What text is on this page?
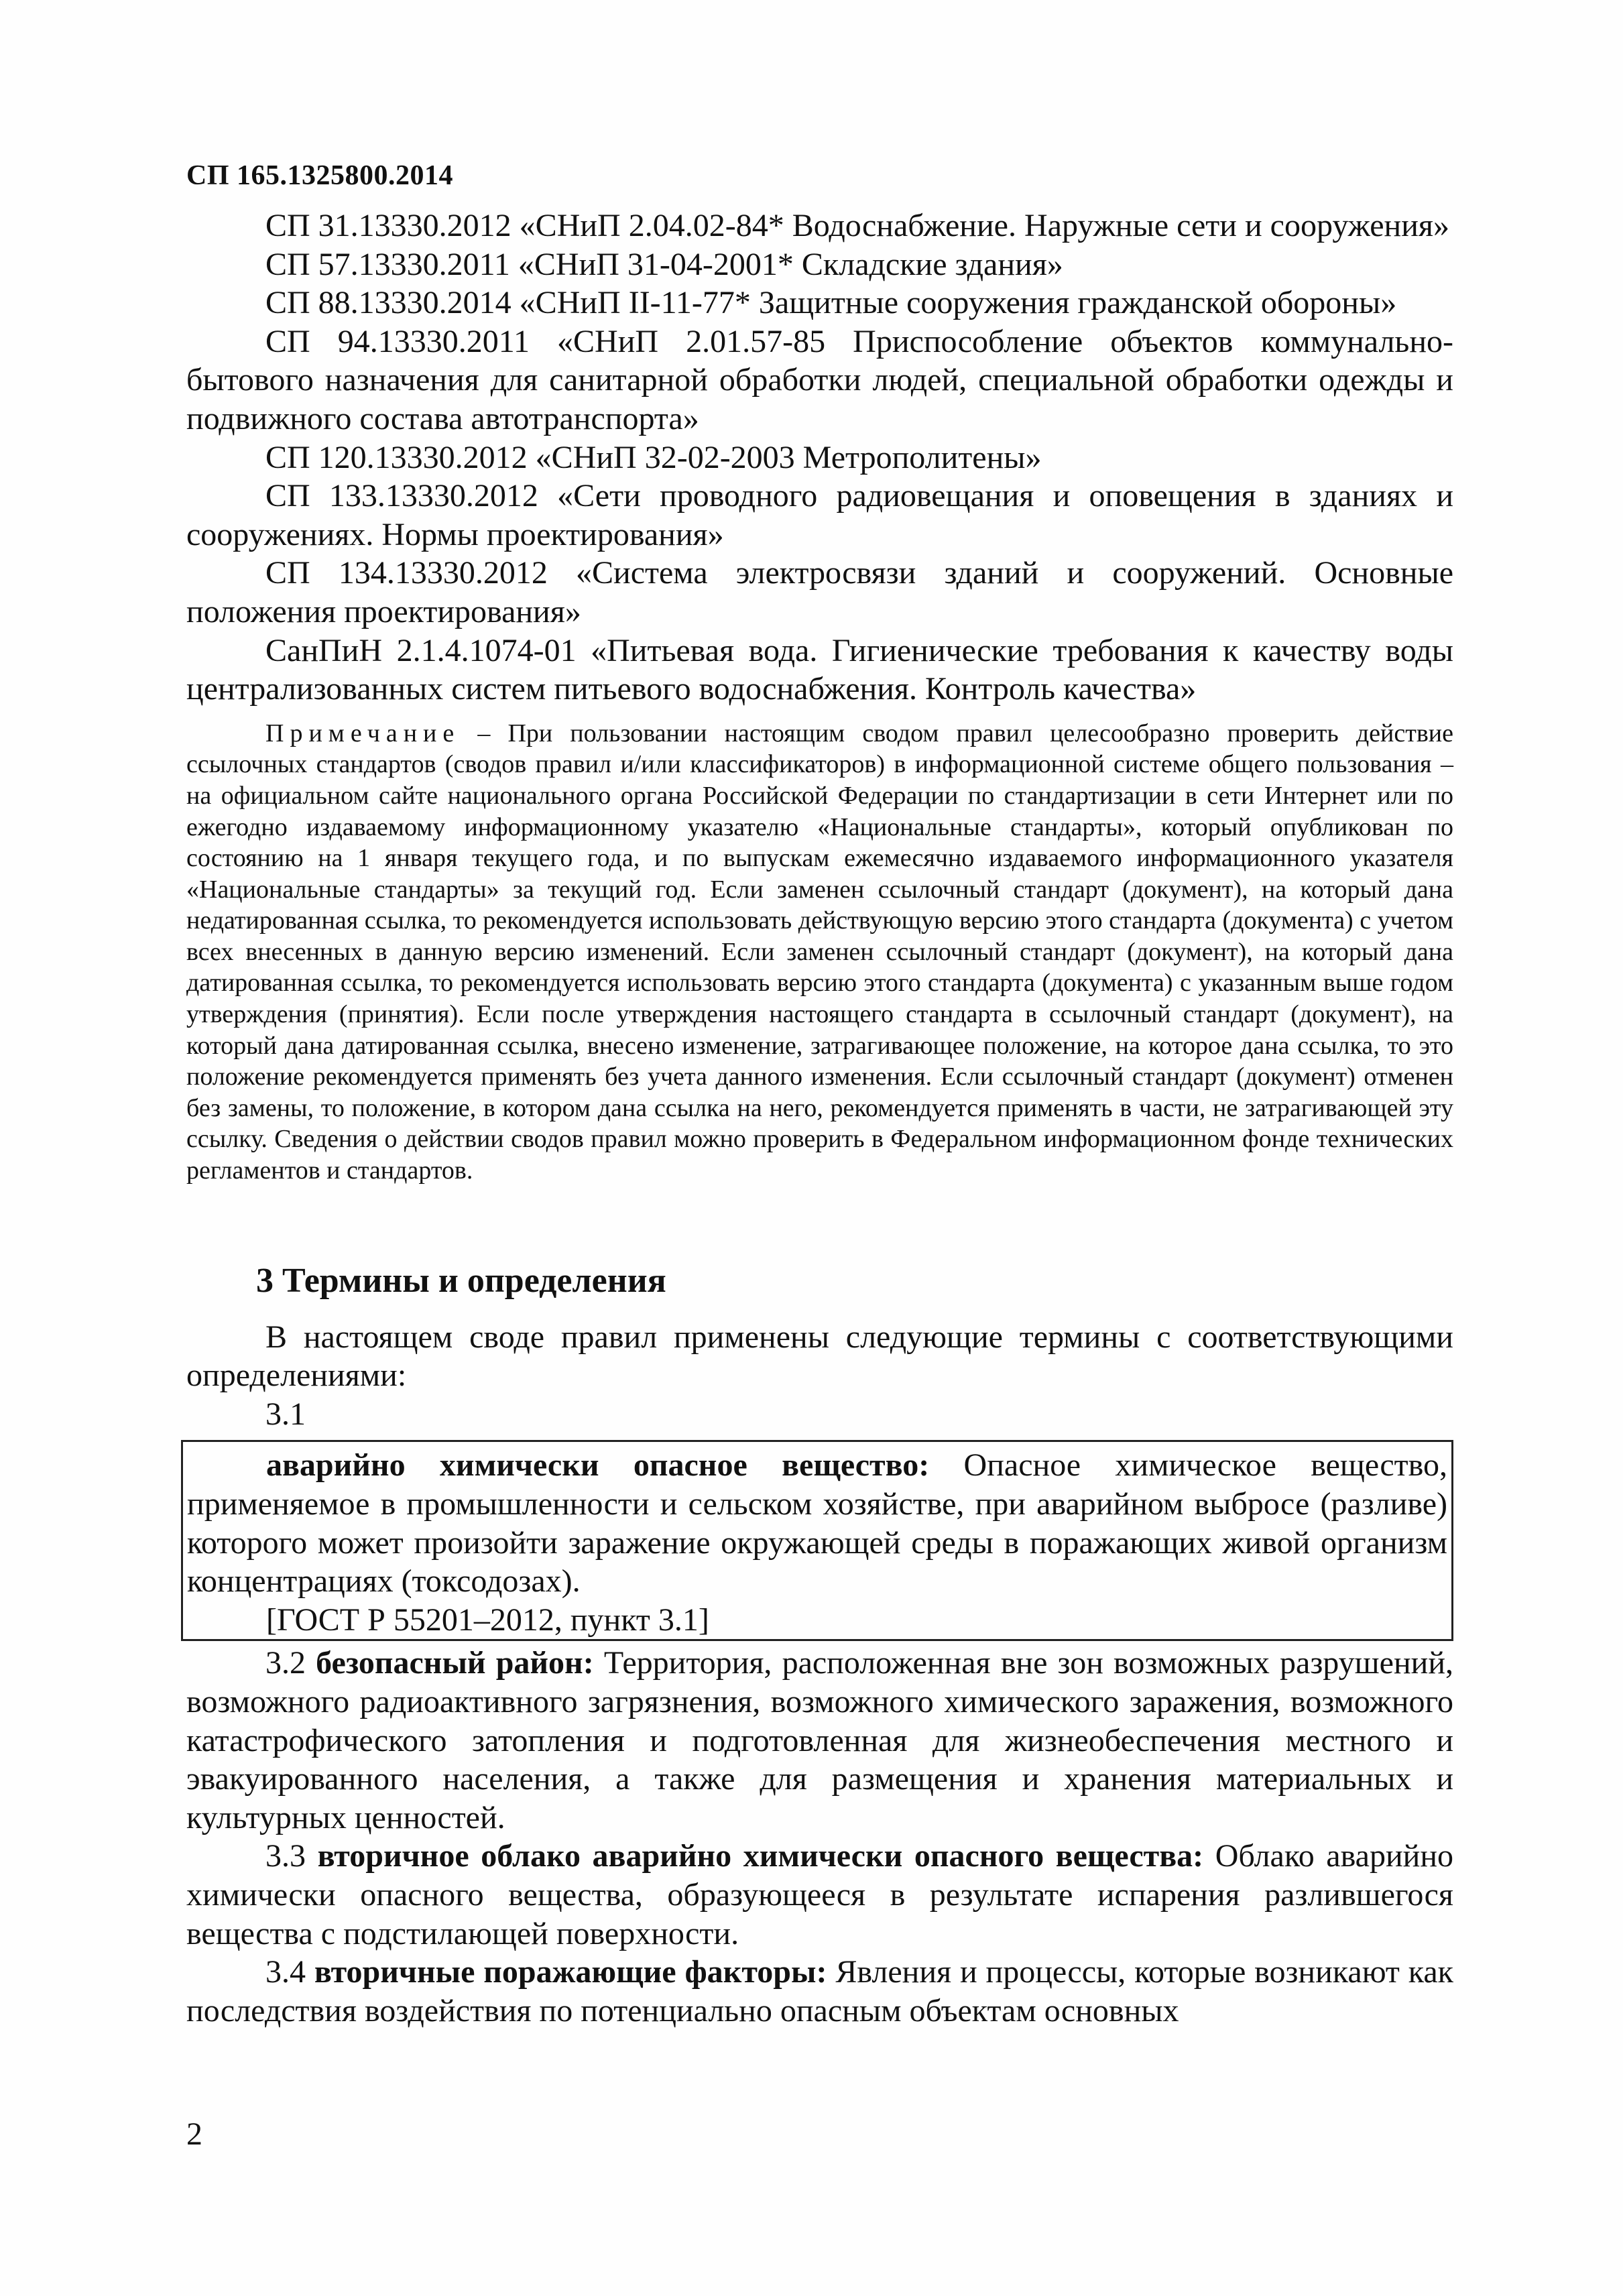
СП 165.1325800.2014

СП 31.13330.2012 «СНиП 2.04.02-84* Водоснабжение. Наружные сети и сооружения»

СП 57.13330.2011 «СНиП 31-04-2001* Складские здания»

СП 88.13330.2014 «СНиП II-11-77* Защитные сооружения гражданской обороны»

СП 94.13330.2011 «СНиП 2.01.57-85 Приспособление объектов коммунально-бытового назначения для санитарной обработки людей, специальной обработки одежды и подвижного состава автотранспорта»

СП 120.13330.2012 «СНиП 32-02-2003 Метрополитены»

СП 133.13330.2012 «Сети проводного радиовещания и оповещения в зданиях и сооружениях. Нормы проектирования»

СП 134.13330.2012 «Система электросвязи зданий и сооружений. Основные положения проектирования»

СанПиН 2.1.4.1074-01 «Питьевая вода. Гигиенические требования к качеству воды централизованных систем питьевого водоснабжения. Контроль качества»

Примечание – При пользовании настоящим сводом правил целесообразно проверить действие ссылочных стандартов (сводов правил и/или классификаторов) в информационной системе общего пользования – на официальном сайте национального органа Российской Федерации по стандартизации в сети Интернет или по ежегодно издаваемому информационному указателю «Национальные стандарты», который опубликован по состоянию на 1 января текущего года, и по выпускам ежемесячно издаваемого информационного указателя «Национальные стандарты» за текущий год. Если заменен ссылочный стандарт (документ), на который дана недатированная ссылка, то рекомендуется использовать действующую версию этого стандарта (документа) с учетом всех внесенных в данную версию изменений. Если заменен ссылочный стандарт (документ), на который дана датированная ссылка, то рекомендуется использовать версию этого стандарта (документа) с указанным выше годом утверждения (принятия). Если после утверждения настоящего стандарта в ссылочный стандарт (документ), на который дана датированная ссылка, внесено изменение, затрагивающее положение, на которое дана ссылка, то это положение рекомендуется применять без учета данного изменения. Если ссылочный стандарт (документ) отменен без замены, то положение, в котором дана ссылка на него, рекомендуется применять в части, не затрагивающей эту ссылку. Сведения о действии сводов правил можно проверить в Федеральном информационном фонде технических регламентов и стандартов.

3 Термины и определения

В настоящем своде правил применены следующие термины с соответствующими определениями:

3.1

аварийно химически опасное вещество: Опасное химическое вещество, применяемое в промышленности и сельском хозяйстве, при аварийном выбросе (разливе) которого может произойти заражение окружающей среды в поражающих живой организм концентрациях (токсодозах).

[ГОСТ Р 55201–2012, пункт 3.1]

3.2 безопасный район: Территория, расположенная вне зон возможных разрушений, возможного радиоактивного загрязнения, возможного химического заражения, возможного катастрофического затопления и подготовленная для жизнеобеспечения местного и эвакуированного населения, а также для размещения и хранения материальных и культурных ценностей.

3.3 вторичное облако аварийно химически опасного вещества: Облако аварийно химически опасного вещества, образующееся в результате испарения разлившегося вещества с подстилающей поверхности.

3.4 вторичные поражающие факторы: Явления и процессы, которые возникают как последствия воздействия по потенциально опасным объектам основных

2
